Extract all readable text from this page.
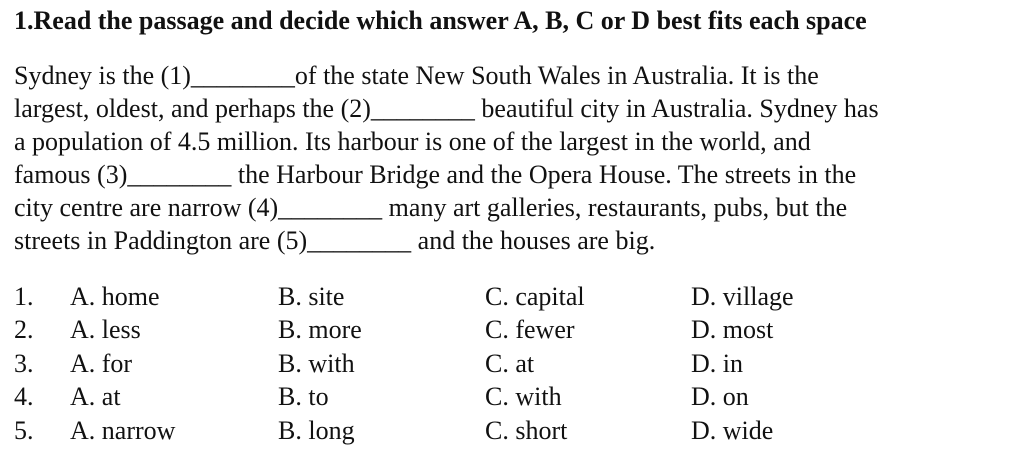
1.Read the passage and decide which answer A, B, C or D best fits each space
Sydney is the (1)________of the state New South Wales in Australia. It is the
largest, oldest, and perhaps the (2)________ beautiful city in Australia. Sydney has
a population of 4.5 million. Its harbour is one of the largest in the world, and
famous (3)________ the Harbour Bridge and the Opera House. The streets in the
city centre are narrow (4)________ many art galleries, restaurants, pubs, but the
streets in Paddington are (5)________ and the houses are big.
1. A. home	B. site	C. capital	D. village
2. A. less	B. more	C. fewer	D. most
3. A. for	B. with	C. at	D. in
4. A. at	B. to	C. with	D. on
5. A. narrow	B. long	C. short	D. wide
